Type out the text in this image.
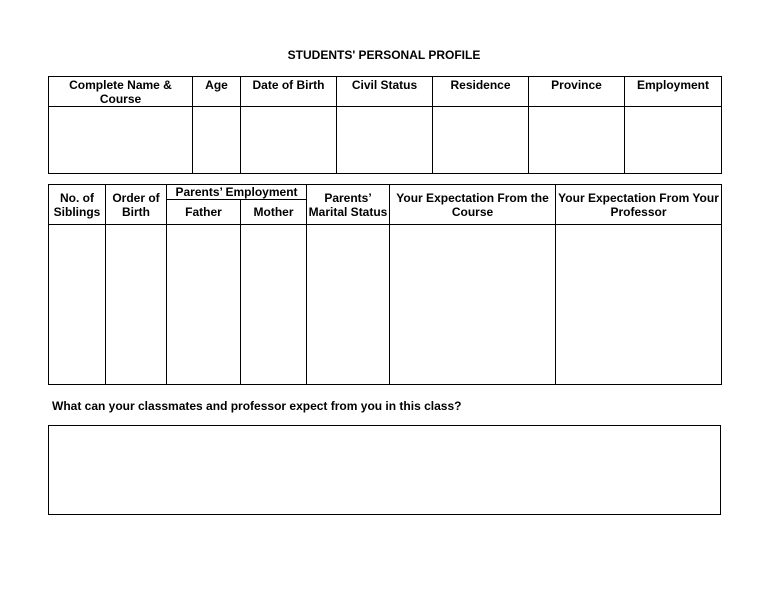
STUDENTS' PERSONAL PROFILE
Complete Name & Course	Age	Date of Birth	Civil Status	Residence	Province	Employment

No. of Siblings	Order of Birth	Parents’ Employment		Parents’ Marital Status	Your Expectation From the Course	Your Expectation From Your Professor
		Father	Mother			

What can your classmates and professor expect from you in this class?
